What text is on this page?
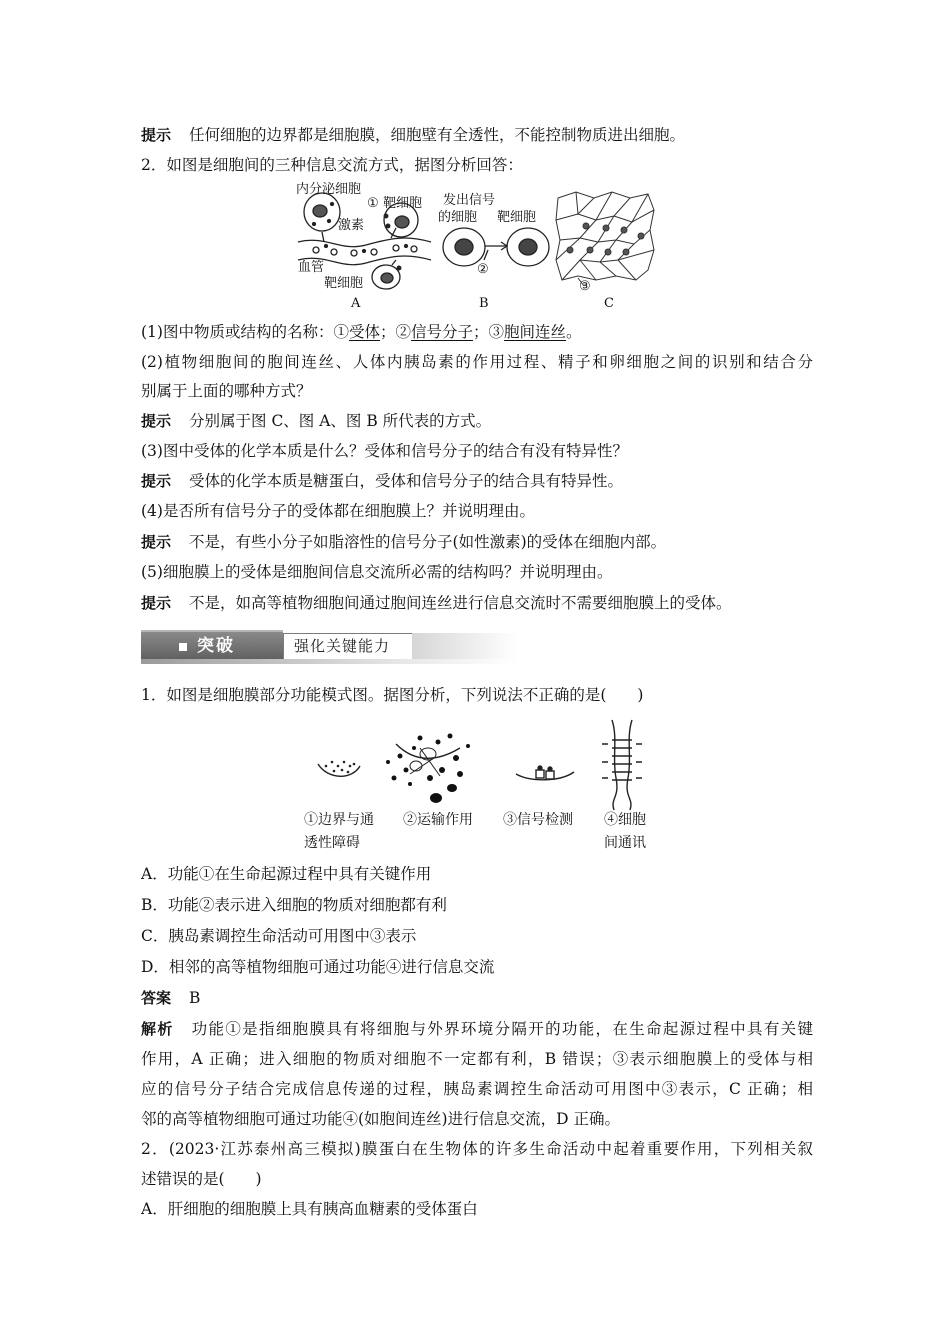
提示 任何细胞的边界都是细胞膜，细胞壁有全透性，不能控制物质进出细胞。
2．如图是细胞间的三种信息交流方式，据图分析回答：
内分泌细胞
① 靶细胞
激素
血管
靶细胞
A
发出信号
的细胞 靶细胞
②
B
③
C
(1)图中物质或结构的名称：①受体；②信号分子；③胞间连丝。
(2)植物细胞间的胞间连丝、人体内胰岛素的作用过程、精子和卵细胞之间的识别和结合分
别属于上面的哪种方式？
提示 分别属于图 C、图 A、图 B 所代表的方式。
(3)图中受体的化学本质是什么？受体和信号分子的结合有没有特异性？
提示 受体的化学本质是糖蛋白，受体和信号分子的结合具有特异性。
(4)是否所有信号分子的受体都在细胞膜上？并说明理由。
提示 不是，有些小分子如脂溶性的信号分子(如性激素)的受体在细胞内部。
(5)细胞膜上的受体是细胞间信息交流所必需的结构吗？并说明理由。
提示 不是，如高等植物细胞间通过胞间连丝进行信息交流时不需要细胞膜上的受体。
突破	强化关键能力
1．如图是细胞膜部分功能模式图。据图分析，下列说法不正确的是(　　)
①边界与通
透性障碍
②运输作用 ③信号检测 ④细胞
间通讯
A．功能①在生命起源过程中具有关键作用
B．功能②表示进入细胞的物质对细胞都有利
C．胰岛素调控生命活动可用图中③表示
D．相邻的高等植物细胞可通过功能④进行信息交流
答案 B
解析 功能①是指细胞膜具有将细胞与外界环境分隔开的功能，在生命起源过程中具有关键
作用，A 正确；进入细胞的物质对细胞不一定都有利，B 错误；③表示细胞膜上的受体与相
应的信号分子结合完成信息传递的过程，胰岛素调控生命活动可用图中③表示，C 正确；相
邻的高等植物细胞可通过功能④(如胞间连丝)进行信息交流，D 正确。
2．(2023·江苏泰州高三模拟)膜蛋白在生物体的许多生命活动中起着重要作用，下列相关叙
述错误的是(　　)
A．肝细胞的细胞膜上具有胰高血糖素的受体蛋白
